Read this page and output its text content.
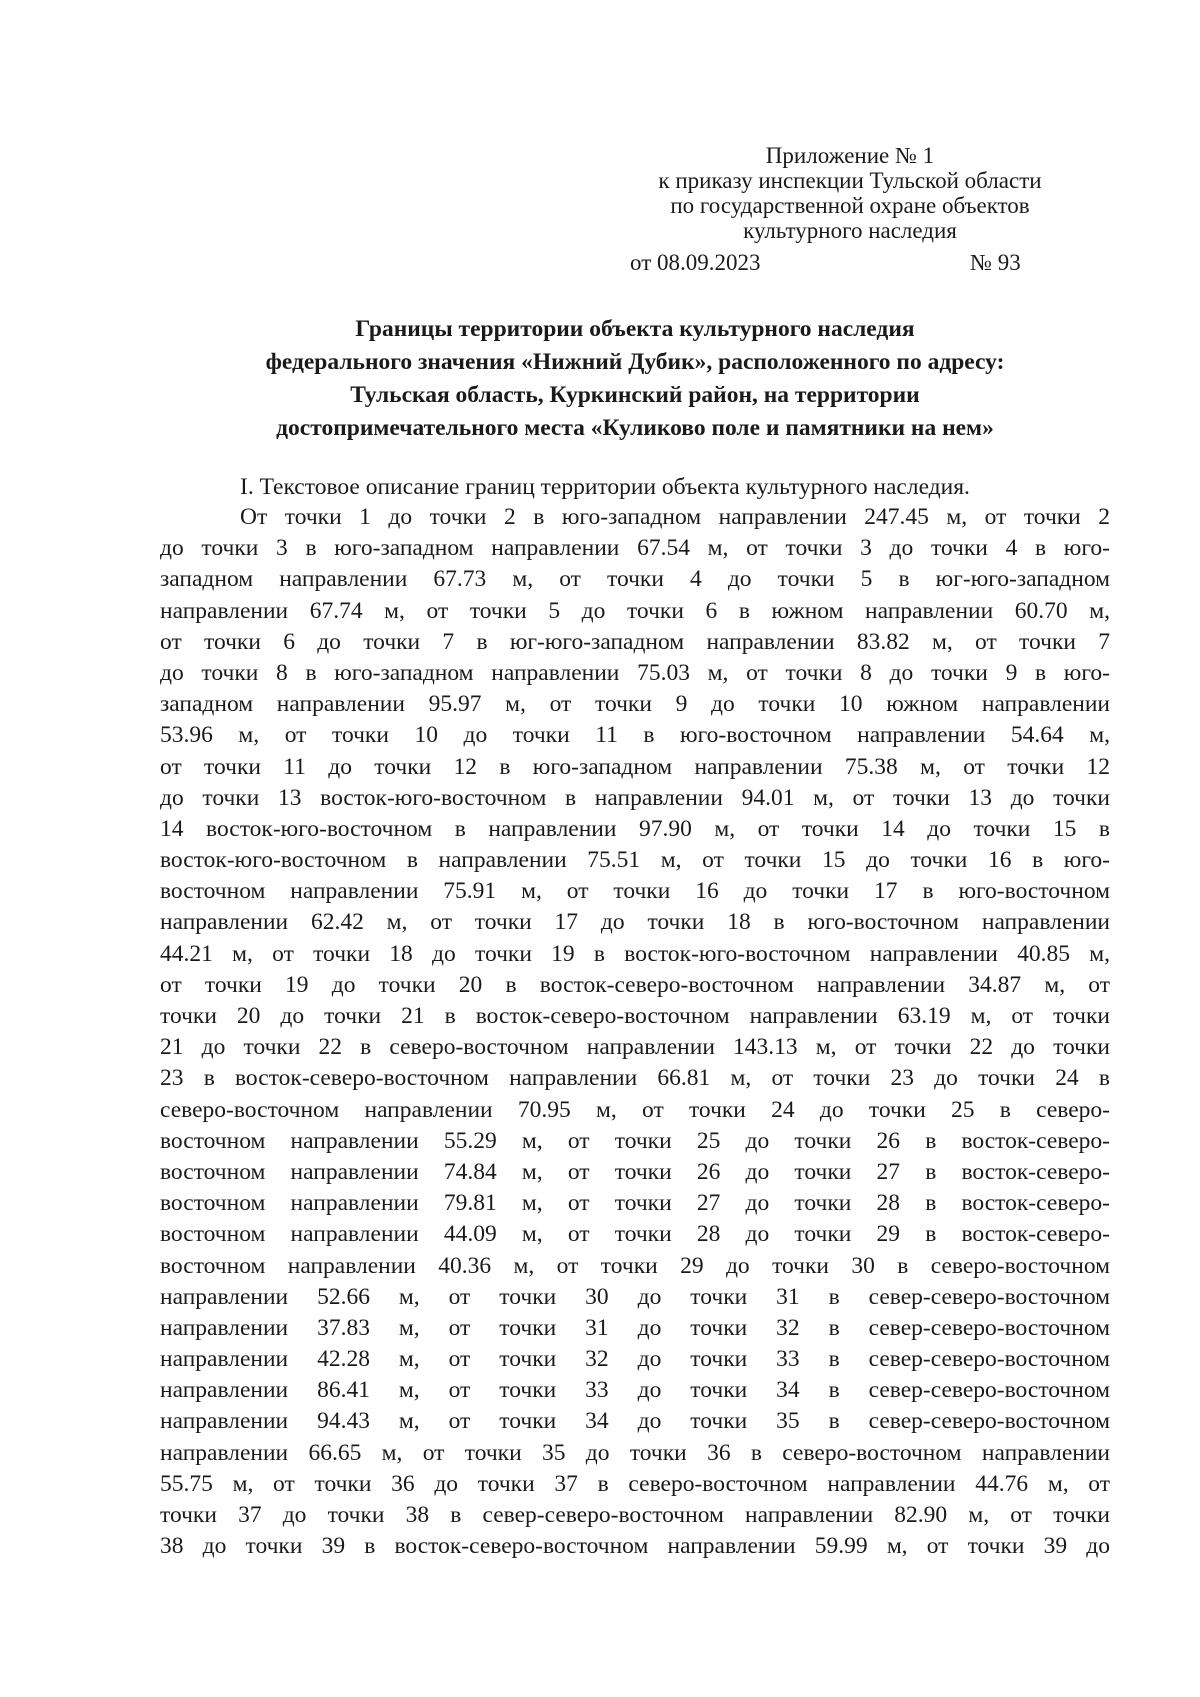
Приложение № 1
к приказу инспекции Тульской области
по государственной охране объектов
культурного наследия
от 08.09.2023	№ 93
Границы территории объекта культурного наследия
федерального значения «Нижний Дубик», расположенного по адресу:
Тульская область, Куркинский район, на территории
достопримечательного места «Куликово поле и памятники на нем»
I. Текстовое описание границ территории объекта культурного наследия.
От точки 1 до точки 2 в юго-западном направлении 247.45 м, от точки 2
до точки 3 в юго-западном направлении 67.54 м, от точки 3 до точки 4 в юго-
западном направлении 67.73 м, от точки 4 до точки 5 в юг-юго-западном
направлении 67.74 м, от точки 5 до точки 6 в южном направлении 60.70 м,
от точки 6 до точки 7 в юг-юго-западном направлении 83.82 м, от точки 7
до точки 8 в юго-западном направлении 75.03 м, от точки 8 до точки 9 в юго-
западном направлении 95.97 м, от точки 9 до точки 10 южном направлении
53.96 м, от точки 10 до точки 11 в юго-восточном направлении 54.64 м,
от точки 11 до точки 12 в юго-западном направлении 75.38 м, от точки 12
до точки 13 восток-юго-восточном в направлении 94.01 м, от точки 13 до точки
14 восток-юго-восточном в направлении 97.90 м, от точки 14 до точки 15 в
восток-юго-восточном в направлении 75.51 м, от точки 15 до точки 16 в юго-
восточном направлении 75.91 м, от точки 16 до точки 17 в юго-восточном
направлении 62.42 м, от точки 17 до точки 18 в юго-восточном направлении
44.21 м, от точки 18 до точки 19 в восток-юго-восточном направлении 40.85 м,
от точки 19 до точки 20 в восток-северо-восточном направлении 34.87 м, от
точки 20 до точки 21 в восток-северо-восточном направлении 63.19 м, от точки
21 до точки 22 в северо-восточном направлении 143.13 м, от точки 22 до точки
23 в восток-северо-восточном направлении 66.81 м, от точки 23 до точки 24 в
северо-восточном направлении 70.95 м, от точки 24 до точки 25 в северо-
восточном направлении 55.29 м, от точки 25 до точки 26 в восток-северо-
восточном направлении 74.84 м, от точки 26 до точки 27 в восток-северо-
восточном направлении 79.81 м, от точки 27 до точки 28 в восток-северо-
восточном направлении 44.09 м, от точки 28 до точки 29 в восток-северо-
восточном направлении 40.36 м, от точки 29 до точки 30 в северо-восточном
направлении 52.66 м, от точки 30 до точки 31 в север-северо-восточном
направлении 37.83 м, от точки 31 до точки 32 в север-северо-восточном
направлении 42.28 м, от точки 32 до точки 33 в север-северо-восточном
направлении 86.41 м, от точки 33 до точки 34 в север-северо-восточном
направлении 94.43 м, от точки 34 до точки 35 в север-северо-восточном
направлении 66.65 м, от точки 35 до точки 36 в северо-восточном направлении
55.75 м, от точки 36 до точки 37 в северо-восточном направлении 44.76 м, от
точки 37 до точки 38 в север-северо-восточном направлении 82.90 м, от точки
38 до точки 39 в восток-северо-восточном направлении 59.99 м, от точки 39 до
